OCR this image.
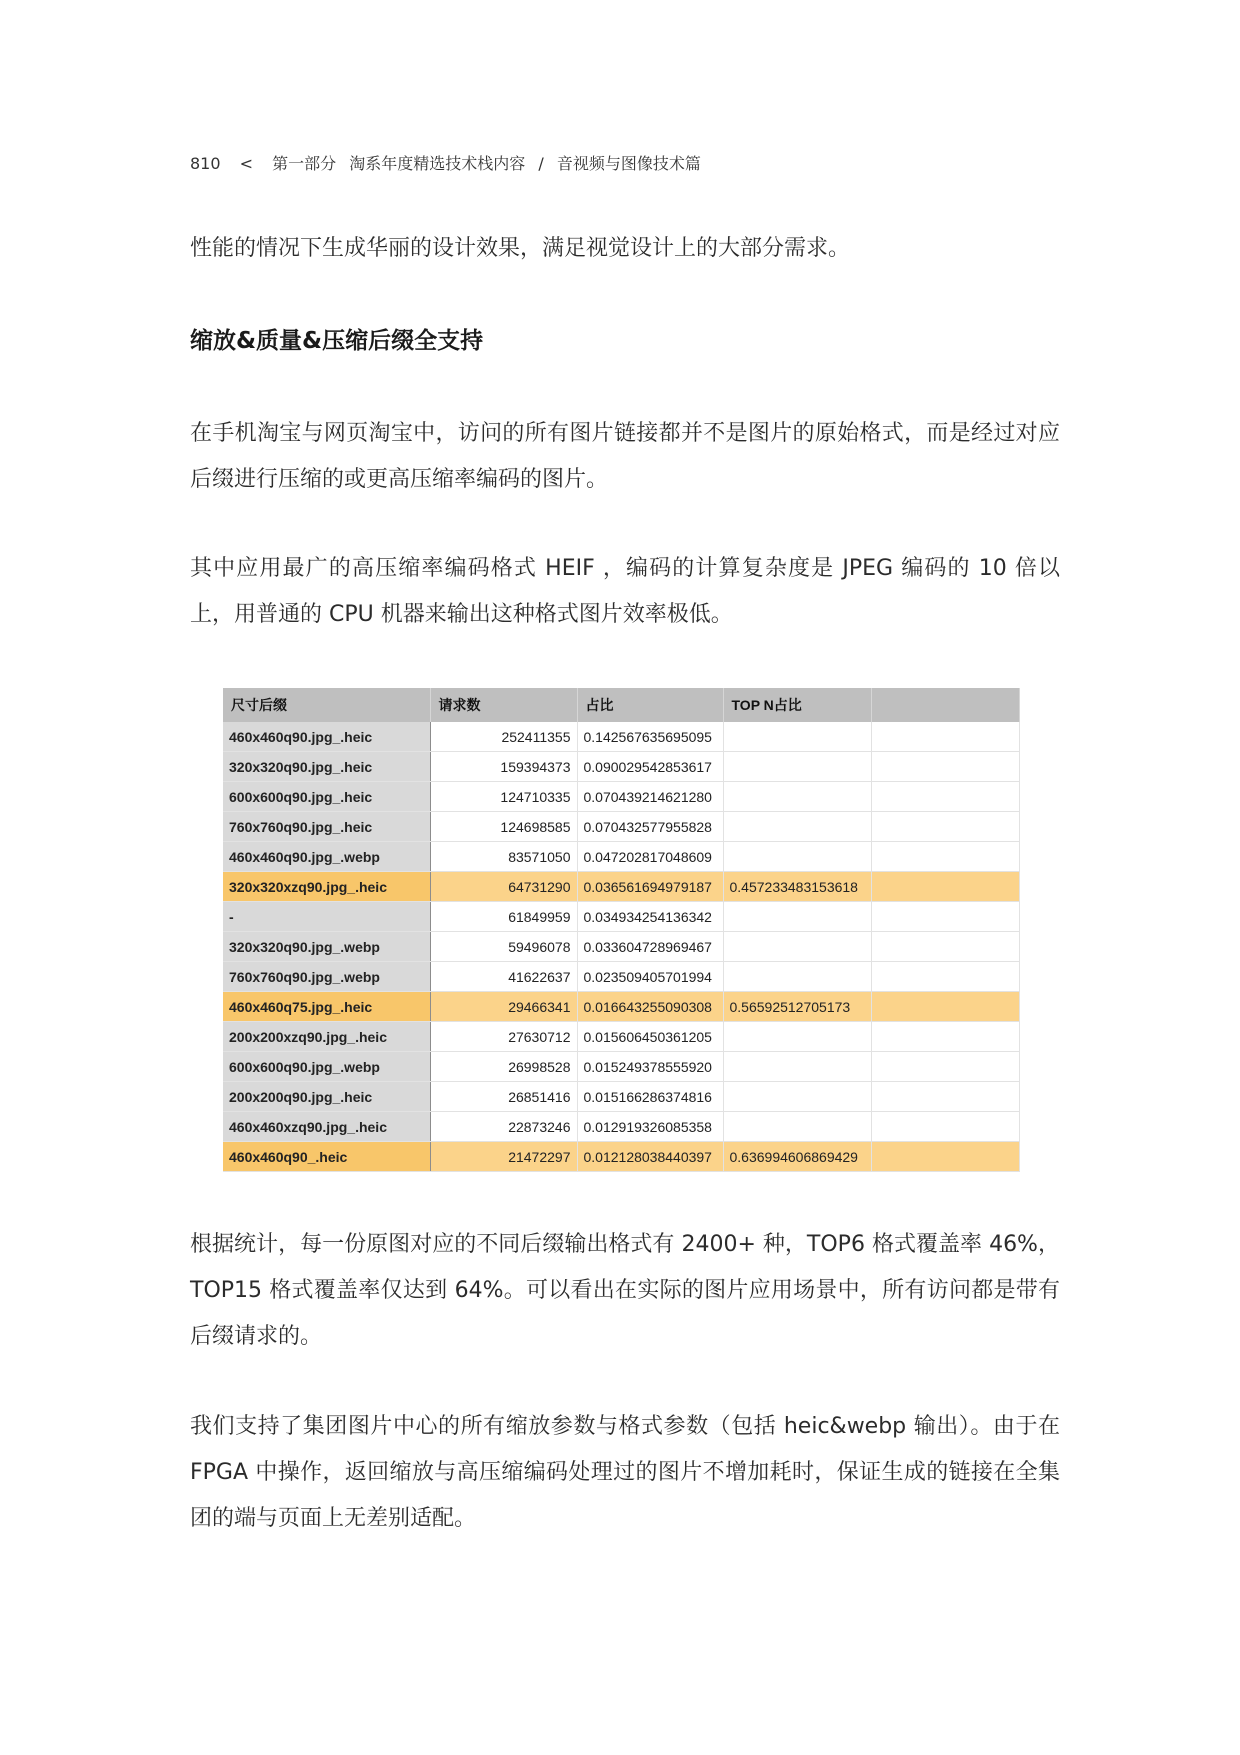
810 < 第一部分 淘系年度精选技术栈内容 / 音视频与图像技术篇

性能的情况下生成华丽的设计效果，满足视觉设计上的大部分需求。

缩放&质量&压缩后缀全支持

在手机淘宝与网页淘宝中，访问的所有图片链接都并不是图片的原始格式，而是经过对应后缀进行压缩的或更高压缩率编码的图片。

其中应用最广的高压缩率编码格式 HEIF ，编码的计算复杂度是 JPEG 编码的 10 倍以上，用普通的 CPU 机器来输出这种格式图片效率极低。

尺寸后缀	请求数	占比	TOP N占比	
460x460q90.jpg_.heic	252411355	0.142567635695095		
320x320q90.jpg_.heic	159394373	0.090029542853617		
600x600q90.jpg_.heic	124710335	0.070439214621280		
760x760q90.jpg_.heic	124698585	0.070432577955828		
460x460q90.jpg_.webp	83571050	0.047202817048609		
320x320xzq90.jpg_.heic	64731290	0.036561694979187	0.457233483153618	
-	61849959	0.034934254136342		
320x320q90.jpg_.webp	59496078	0.033604728969467		
760x760q90.jpg_.webp	41622637	0.023509405701994		
460x460q75.jpg_.heic	29466341	0.016643255090308	0.56592512705173	
200x200xzq90.jpg_.heic	27630712	0.015606450361205		
600x600q90.jpg_.webp	26998528	0.015249378555920		
200x200q90.jpg_.heic	26851416	0.015166286374816		
460x460xzq90.jpg_.heic	22873246	0.012919326085358		
460x460q90_.heic	21472297	0.012128038440397	0.636994606869429	

根据统计，每一份原图对应的不同后缀输出格式有 2400+ 种，TOP6 格式覆盖率 46%，TOP15 格式覆盖率仅达到 64%。可以看出在实际的图片应用场景中，所有访问都是带有后缀请求的。

我们支持了集团图片中心的所有缩放参数与格式参数（包括 heic&webp 输出）。由于在 FPGA 中操作，返回缩放与高压缩编码处理过的图片不增加耗时，保证生成的链接在全集团的端与页面上无差别适配。
